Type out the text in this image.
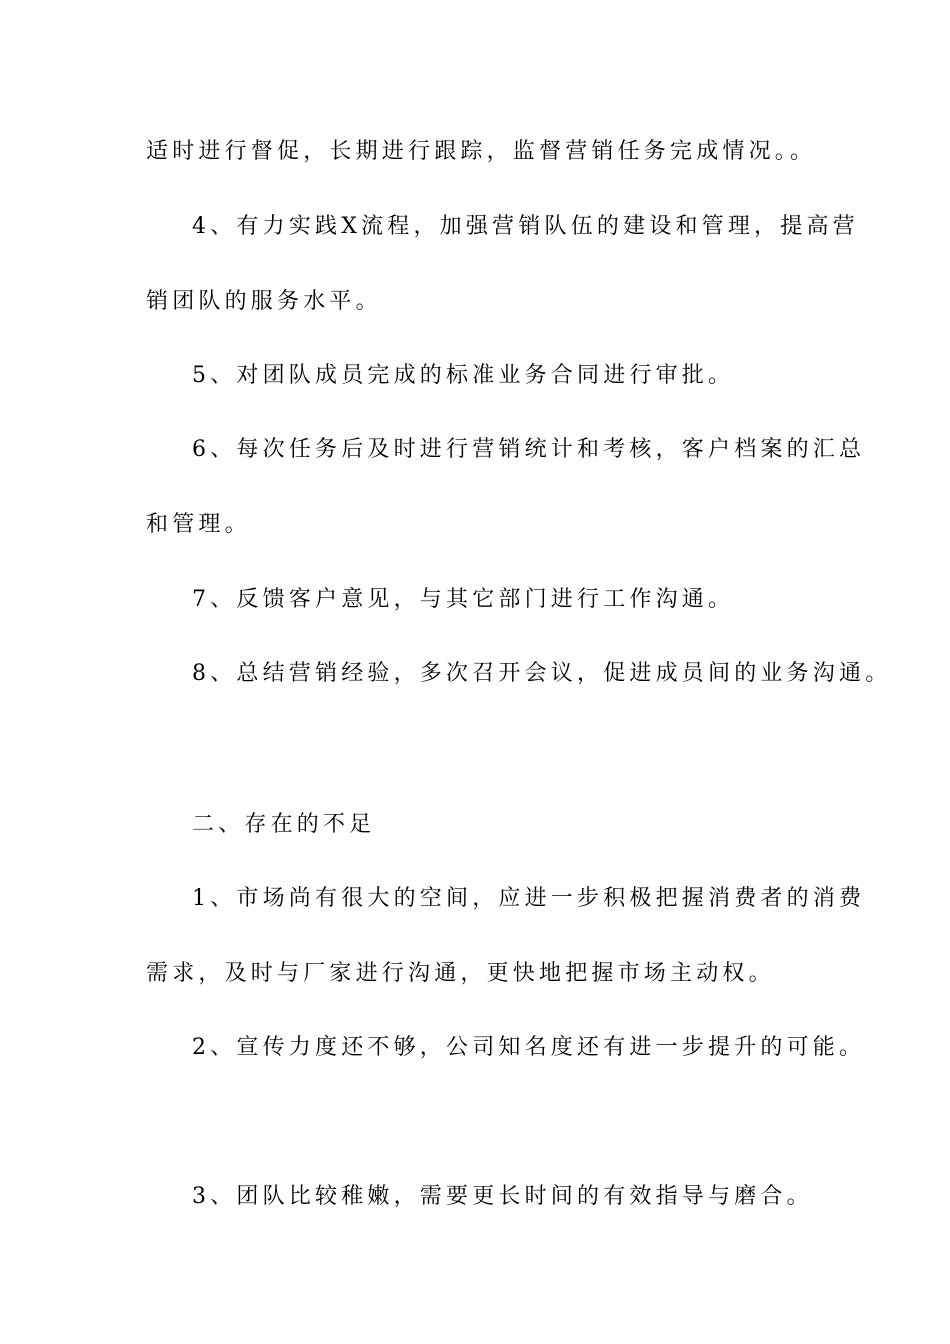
适时进行督促，长期进行跟踪，监督营销任务完成情况。。
4、有力实践X流程，加强营销队伍的建设和管理，提高营
销团队的服务水平。
5、对团队成员完成的标准业务合同进行审批。
6、每次任务后及时进行营销统计和考核，客户档案的汇总
和管理。
7、反馈客户意见，与其它部门进行工作沟通。
8、总结营销经验，多次召开会议，促进成员间的业务沟通。
二、存在的不足
1、市场尚有很大的空间，应进一步积极把握消费者的消费
需求，及时与厂家进行沟通，更快地把握市场主动权。
2、宣传力度还不够，公司知名度还有进一步提升的可能。
3、团队比较稚嫩，需要更长时间的有效指导与磨合。
